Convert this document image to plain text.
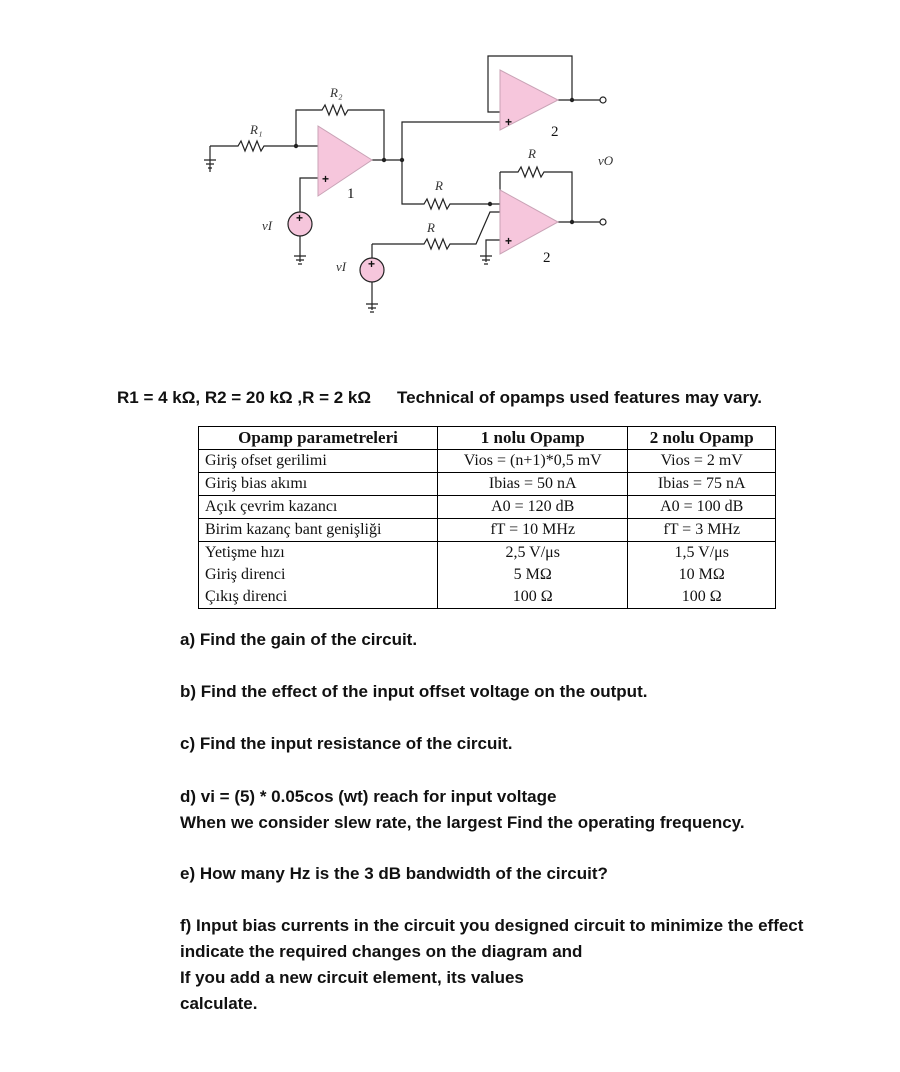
+
+
+
+
+
R₁
R₂
R
R
R
vI
vI
vO
1
2
2
R1 = 4 kΩ, R2 = 20 kΩ ,R = 2 kΩ Technical of opamps used features may vary.
Opamp parametreleri	1 nolu Opamp	2 nolu Opamp
Giriş ofset gerilimi	Vios = (n+1)*0,5 mV	Vios = 2 mV
Giriş bias akımı	Ibias = 50 nA	Ibias = 75 nA
Açık çevrim kazancı	A0 = 120 dB	A0 = 100 dB
Birim kazanç bant genişliği	fT = 10 MHz	fT = 3 MHz
Yetişme hızı	2,5 V/μs	1,5 V/μs
Giriş direnci	5 MΩ	10 MΩ
Çıkış direnci	100 Ω	100 Ω
a) Find the gain of the circuit.
b) Find the effect of the input offset voltage on the output.
c) Find the input resistance of the circuit.
d) vi = (5) * 0.05cos (wt) reach for input voltage
When we consider slew rate, the largest Find the operating frequency.
e) How many Hz is the 3 dB bandwidth of the circuit?
f) Input bias currents in the circuit you designed circuit to minimize the effect
indicate the required changes on the diagram and
If you add a new circuit element, its values
calculate.
